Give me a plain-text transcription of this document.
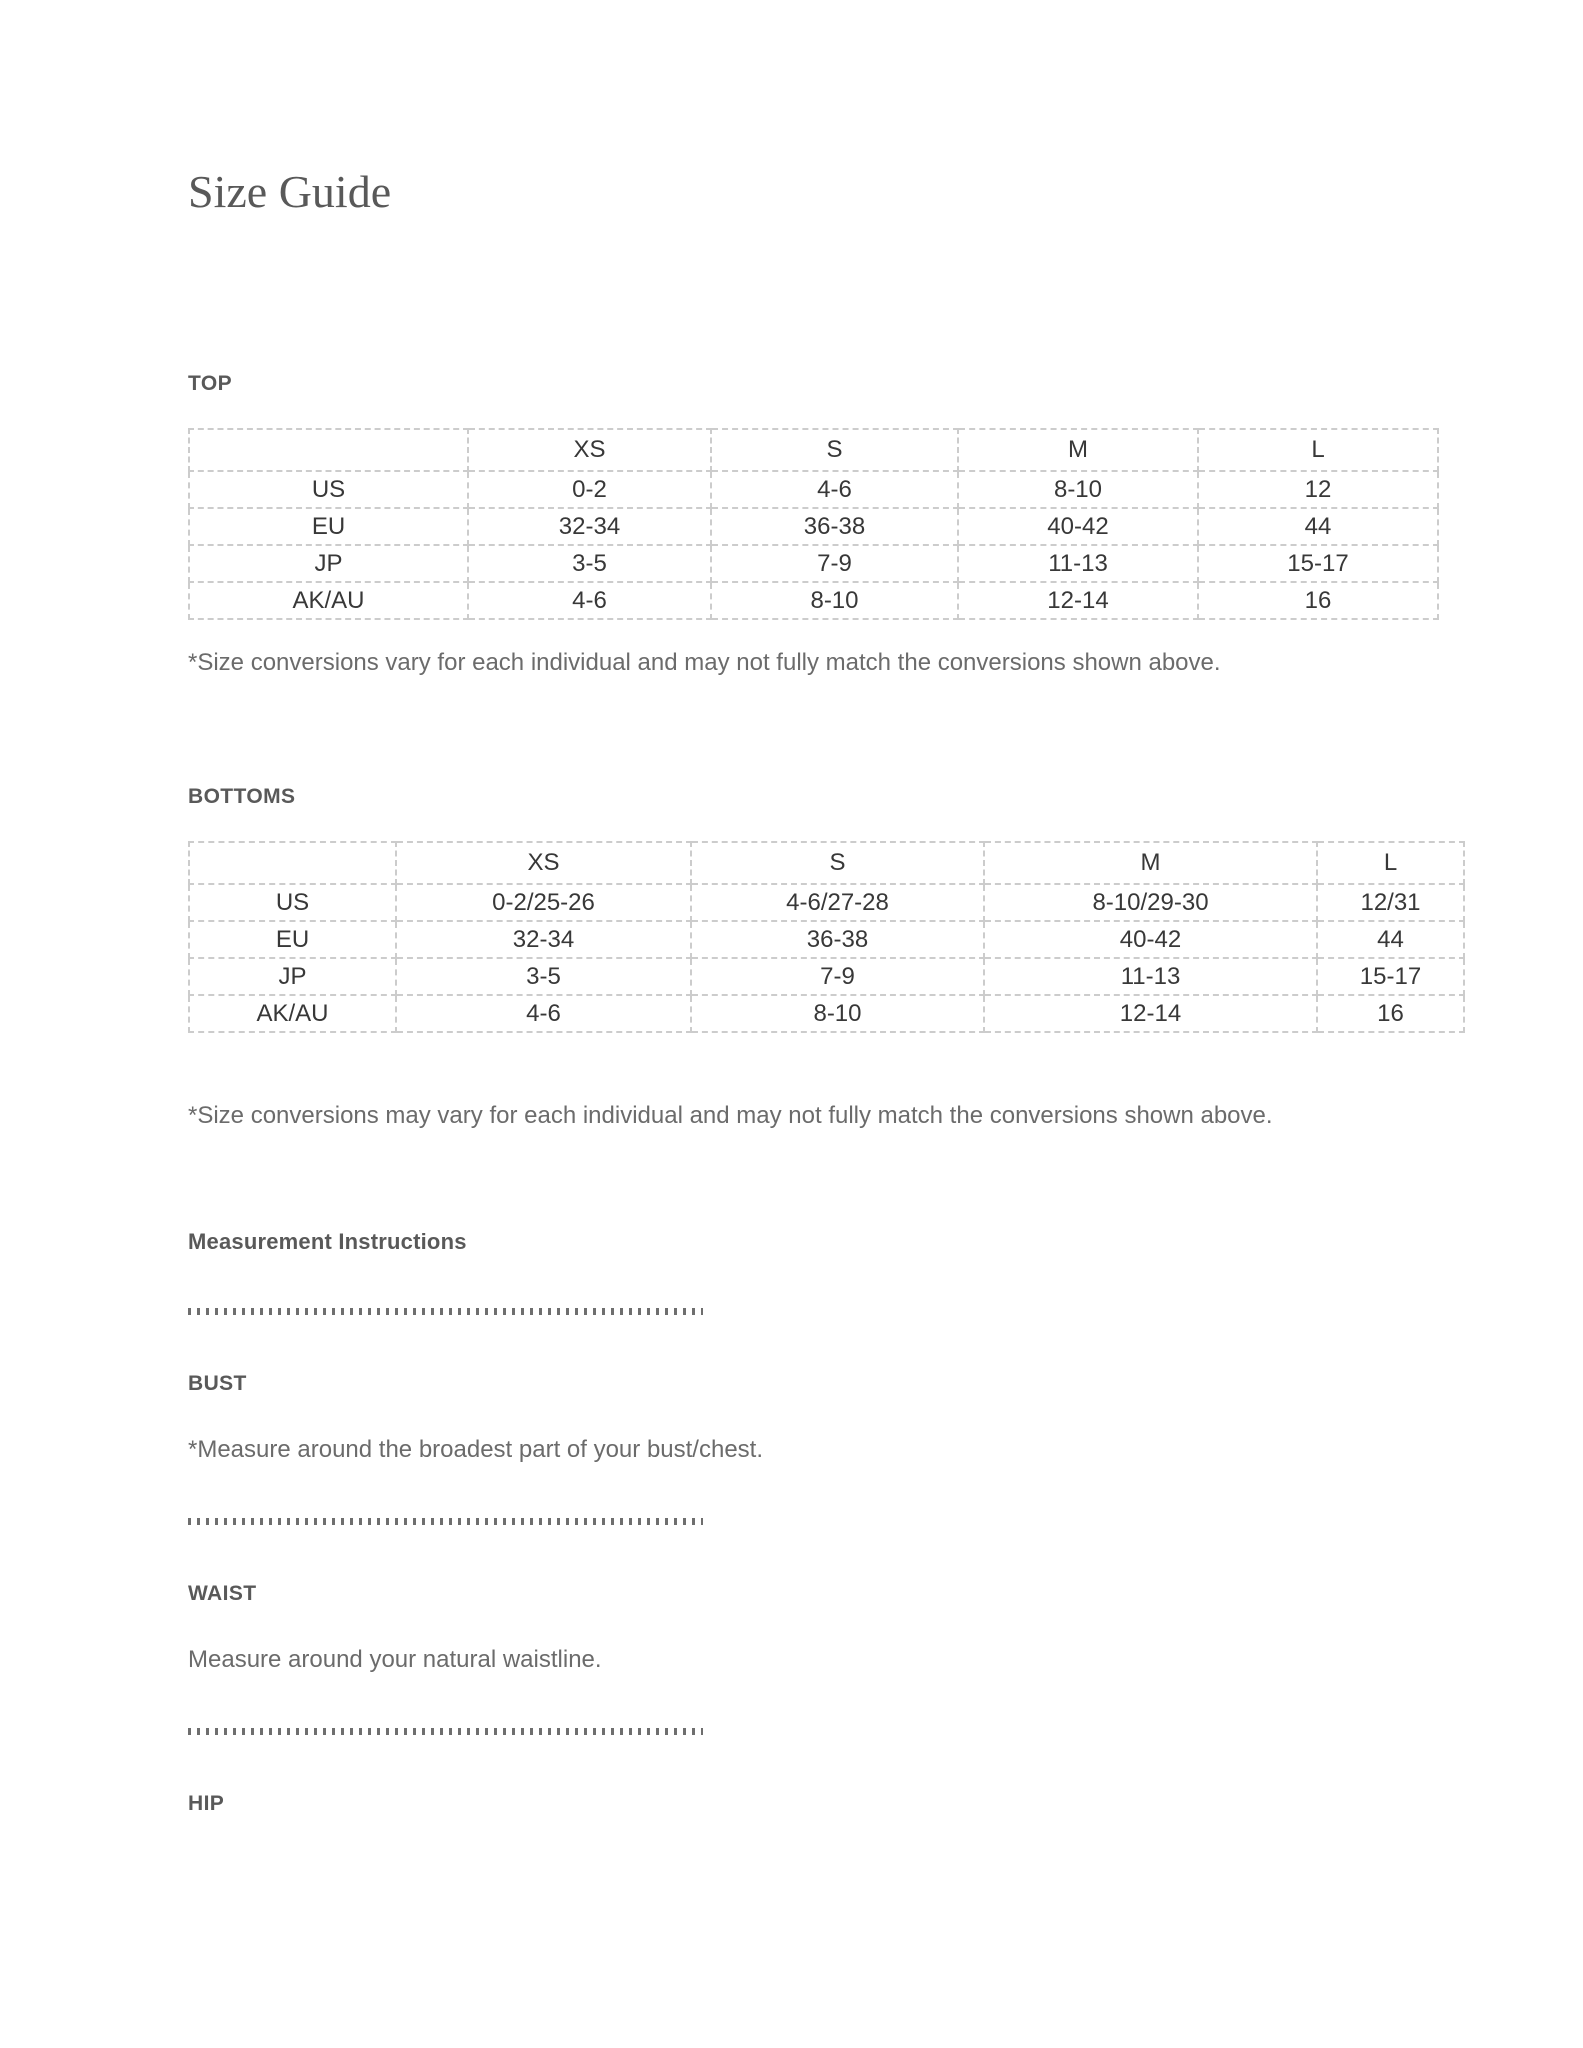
Size Guide
TOP
	XS	S	M	L
US	0-2	4-6	8-10	12
EU	32-34	36-38	40-42	44
JP	3-5	7-9	11-13	15-17
AK/AU	4-6	8-10	12-14	16
*Size conversions vary for each individual and may not fully match the conversions shown above.
BOTTOMS
	XS	S	M	L
US	0-2/25-26	4-6/27-28	8-10/29-30	12/31
EU	32-34	36-38	40-42	44
JP	3-5	7-9	11-13	15-17
AK/AU	4-6	8-10	12-14	16
*Size conversions may vary for each individual and may not fully match the conversions shown above.
Measurement Instructions
BUST
*Measure around the broadest part of your bust/chest.
WAIST
Measure around your natural waistline.
HIP
